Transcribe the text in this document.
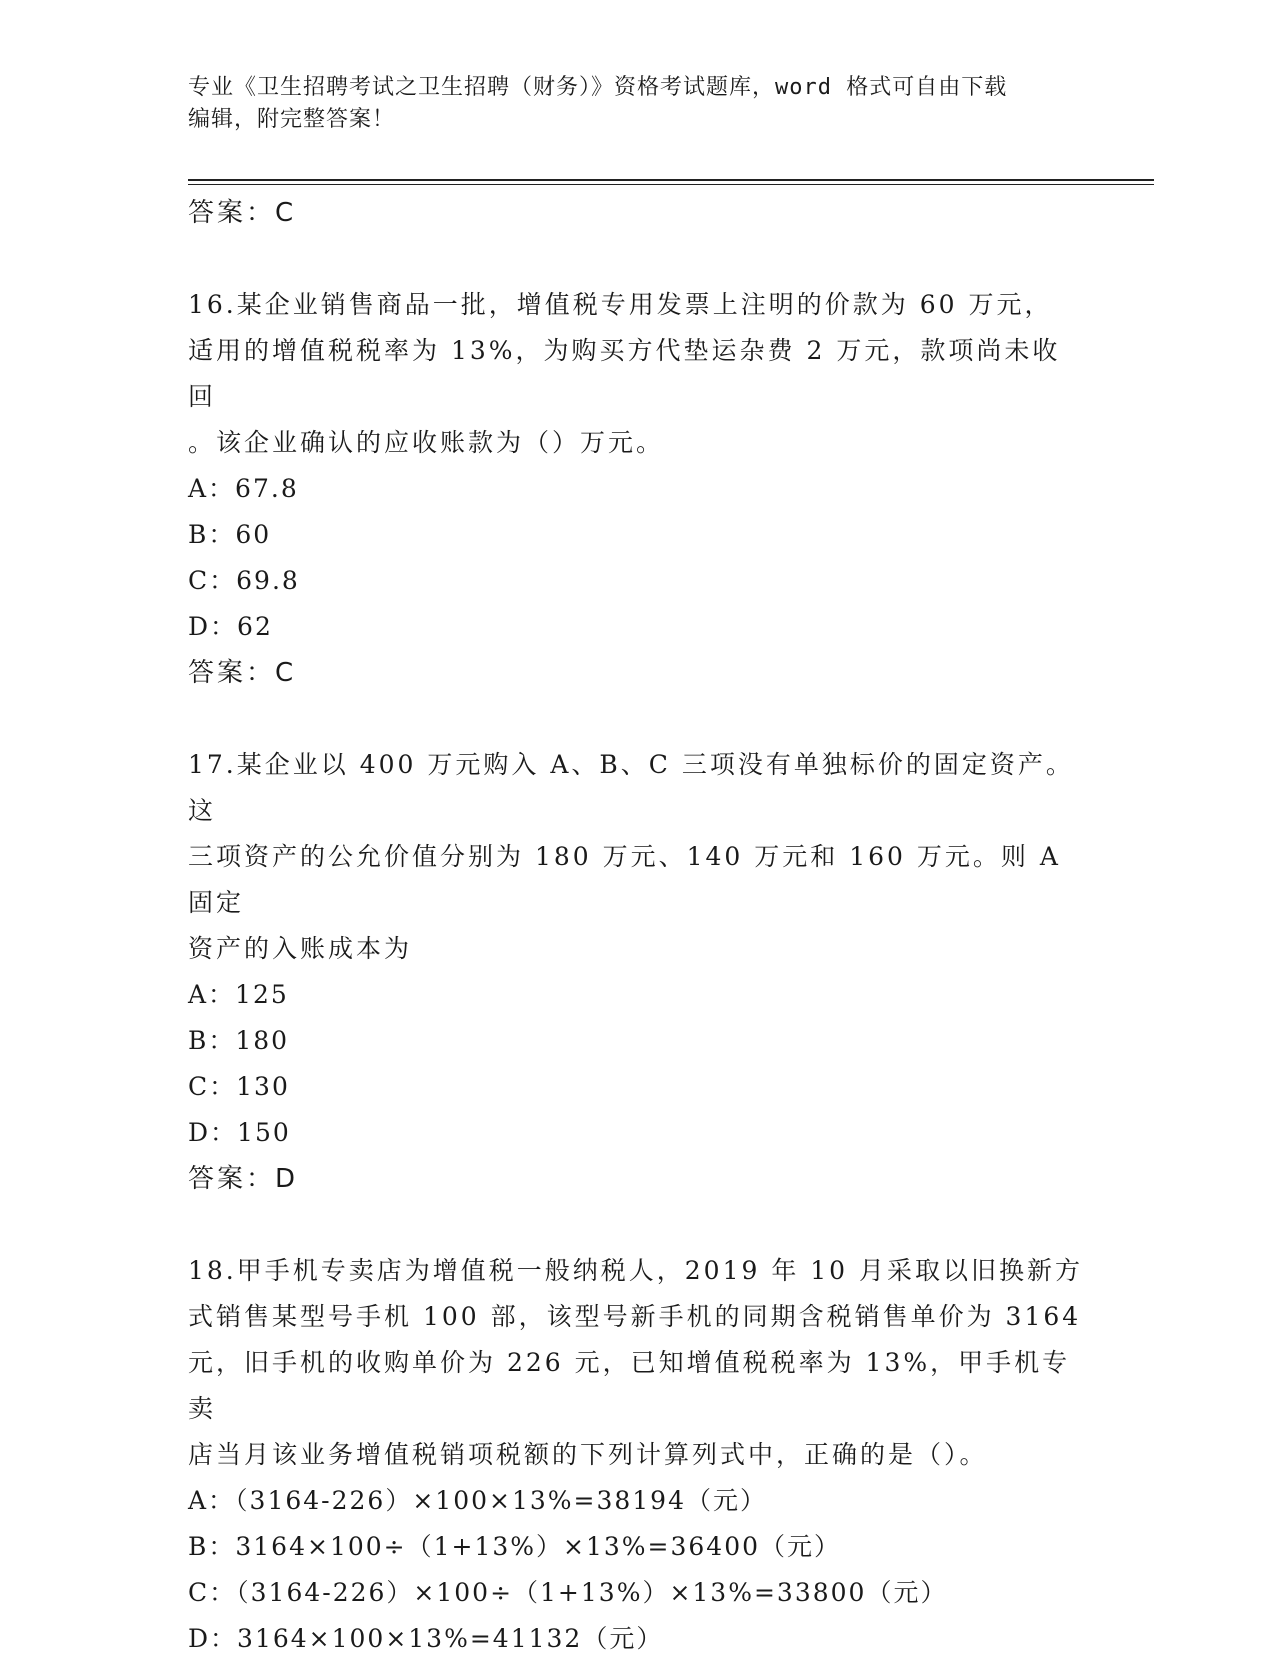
专业《卫生招聘考试之卫生招聘（财务）》资格考试题库，word 格式可自由下载
编辑，附完整答案！

答案：C

16.某企业销售商品一批，增值税专用发票上注明的价款为 60 万元，

适用的增值税税率为 13%，为购买方代垫运杂费 2 万元，款项尚未收回

。该企业确认的应收账款为（）万元。

A：67.8

B：60

C：69.8

D：62

答案：C

17.某企业以 400 万元购入 A、B、C 三项没有单独标价的固定资产。这

三项资产的公允价值分别为 180 万元、140 万元和 160 万元。则 A 固定

资产的入账成本为

A：125

B：180

C：130

D：150

答案：D

18.甲手机专卖店为增值税一般纳税人，2019 年 10 月采取以旧换新方

式销售某型号手机 100 部，该型号新手机的同期含税销售单价为 3164

元，旧手机的收购单价为 226 元，已知增值税税率为 13%，甲手机专卖

店当月该业务增值税销项税额的下列计算列式中，正确的是（）。

A：（3164-226）×100×13%=38194（元）

B：3164×100÷（1+13%）×13%=36400（元）

C：（3164-226）×100÷（1+13%）×13%=33800（元）

D：3164×100×13%=41132（元）
